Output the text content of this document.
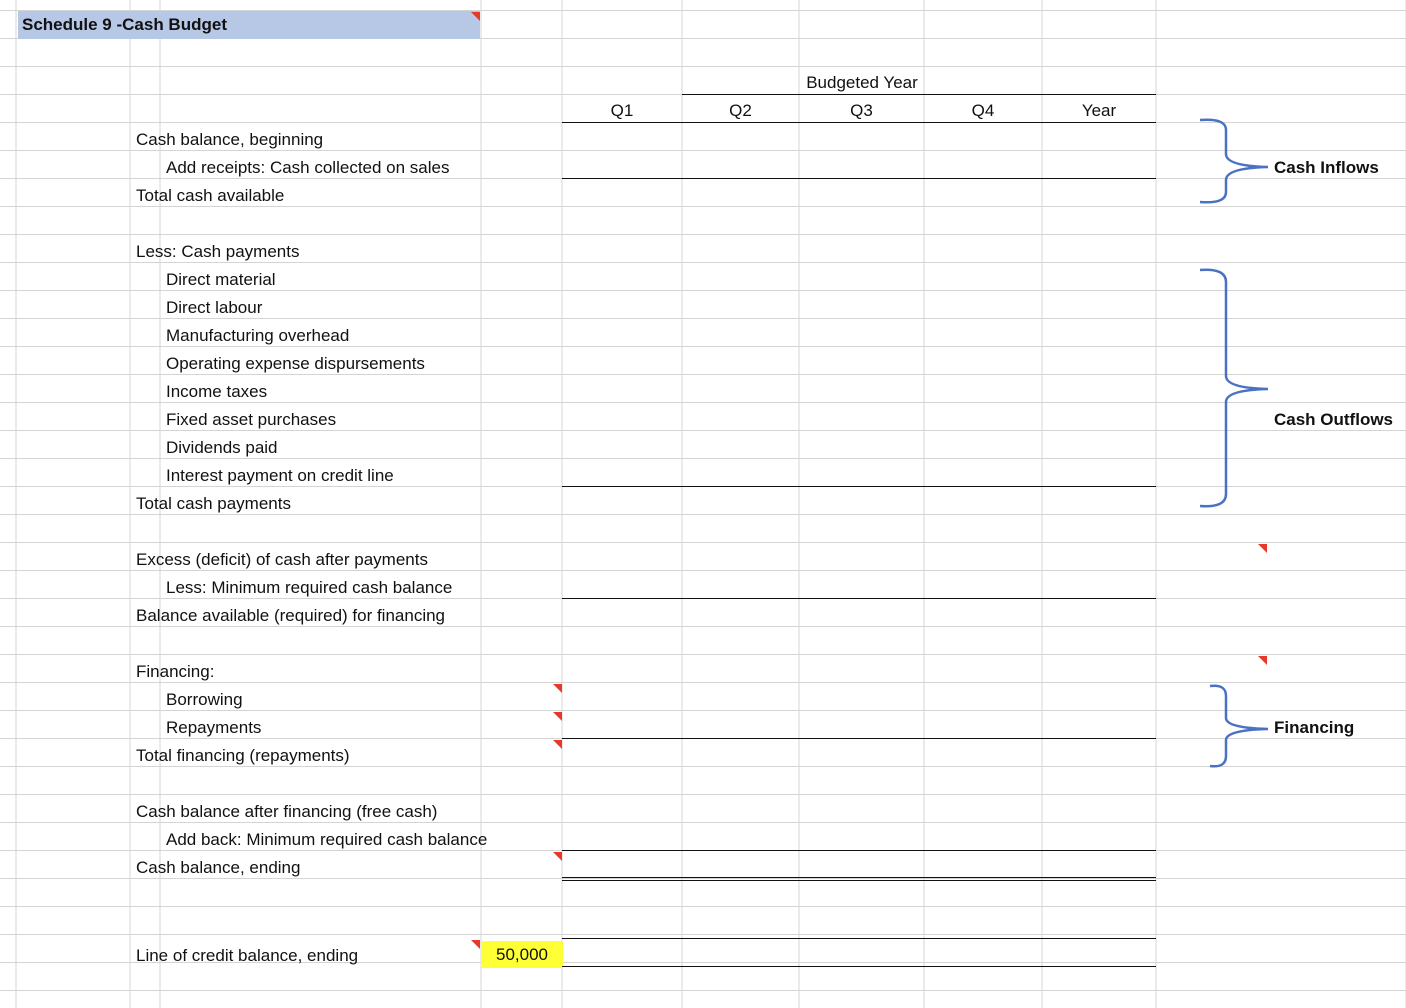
Schedule 9 -Cash Budget
Budgeted Year
Q1	Q2	Q3	Q4	Year
Cash balance, beginning
Add receipts: Cash collected on sales
Total cash available
Less: Cash payments
Direct material
Direct labour
Manufacturing overhead
Operating expense dispursements
Income taxes
Fixed asset purchases
Dividends paid
Interest payment on credit line
Total cash payments
Excess (deficit) of cash after payments
Less: Minimum required cash balance
Balance available (required) for financing
Financing:
Borrowing
Repayments
Total financing (repayments)
Cash balance after financing (free cash)
Add back: Minimum required cash balance
Cash balance, ending
Line of credit balance, ending	50,000
Cash Inflows
Cash Outflows
Financing
